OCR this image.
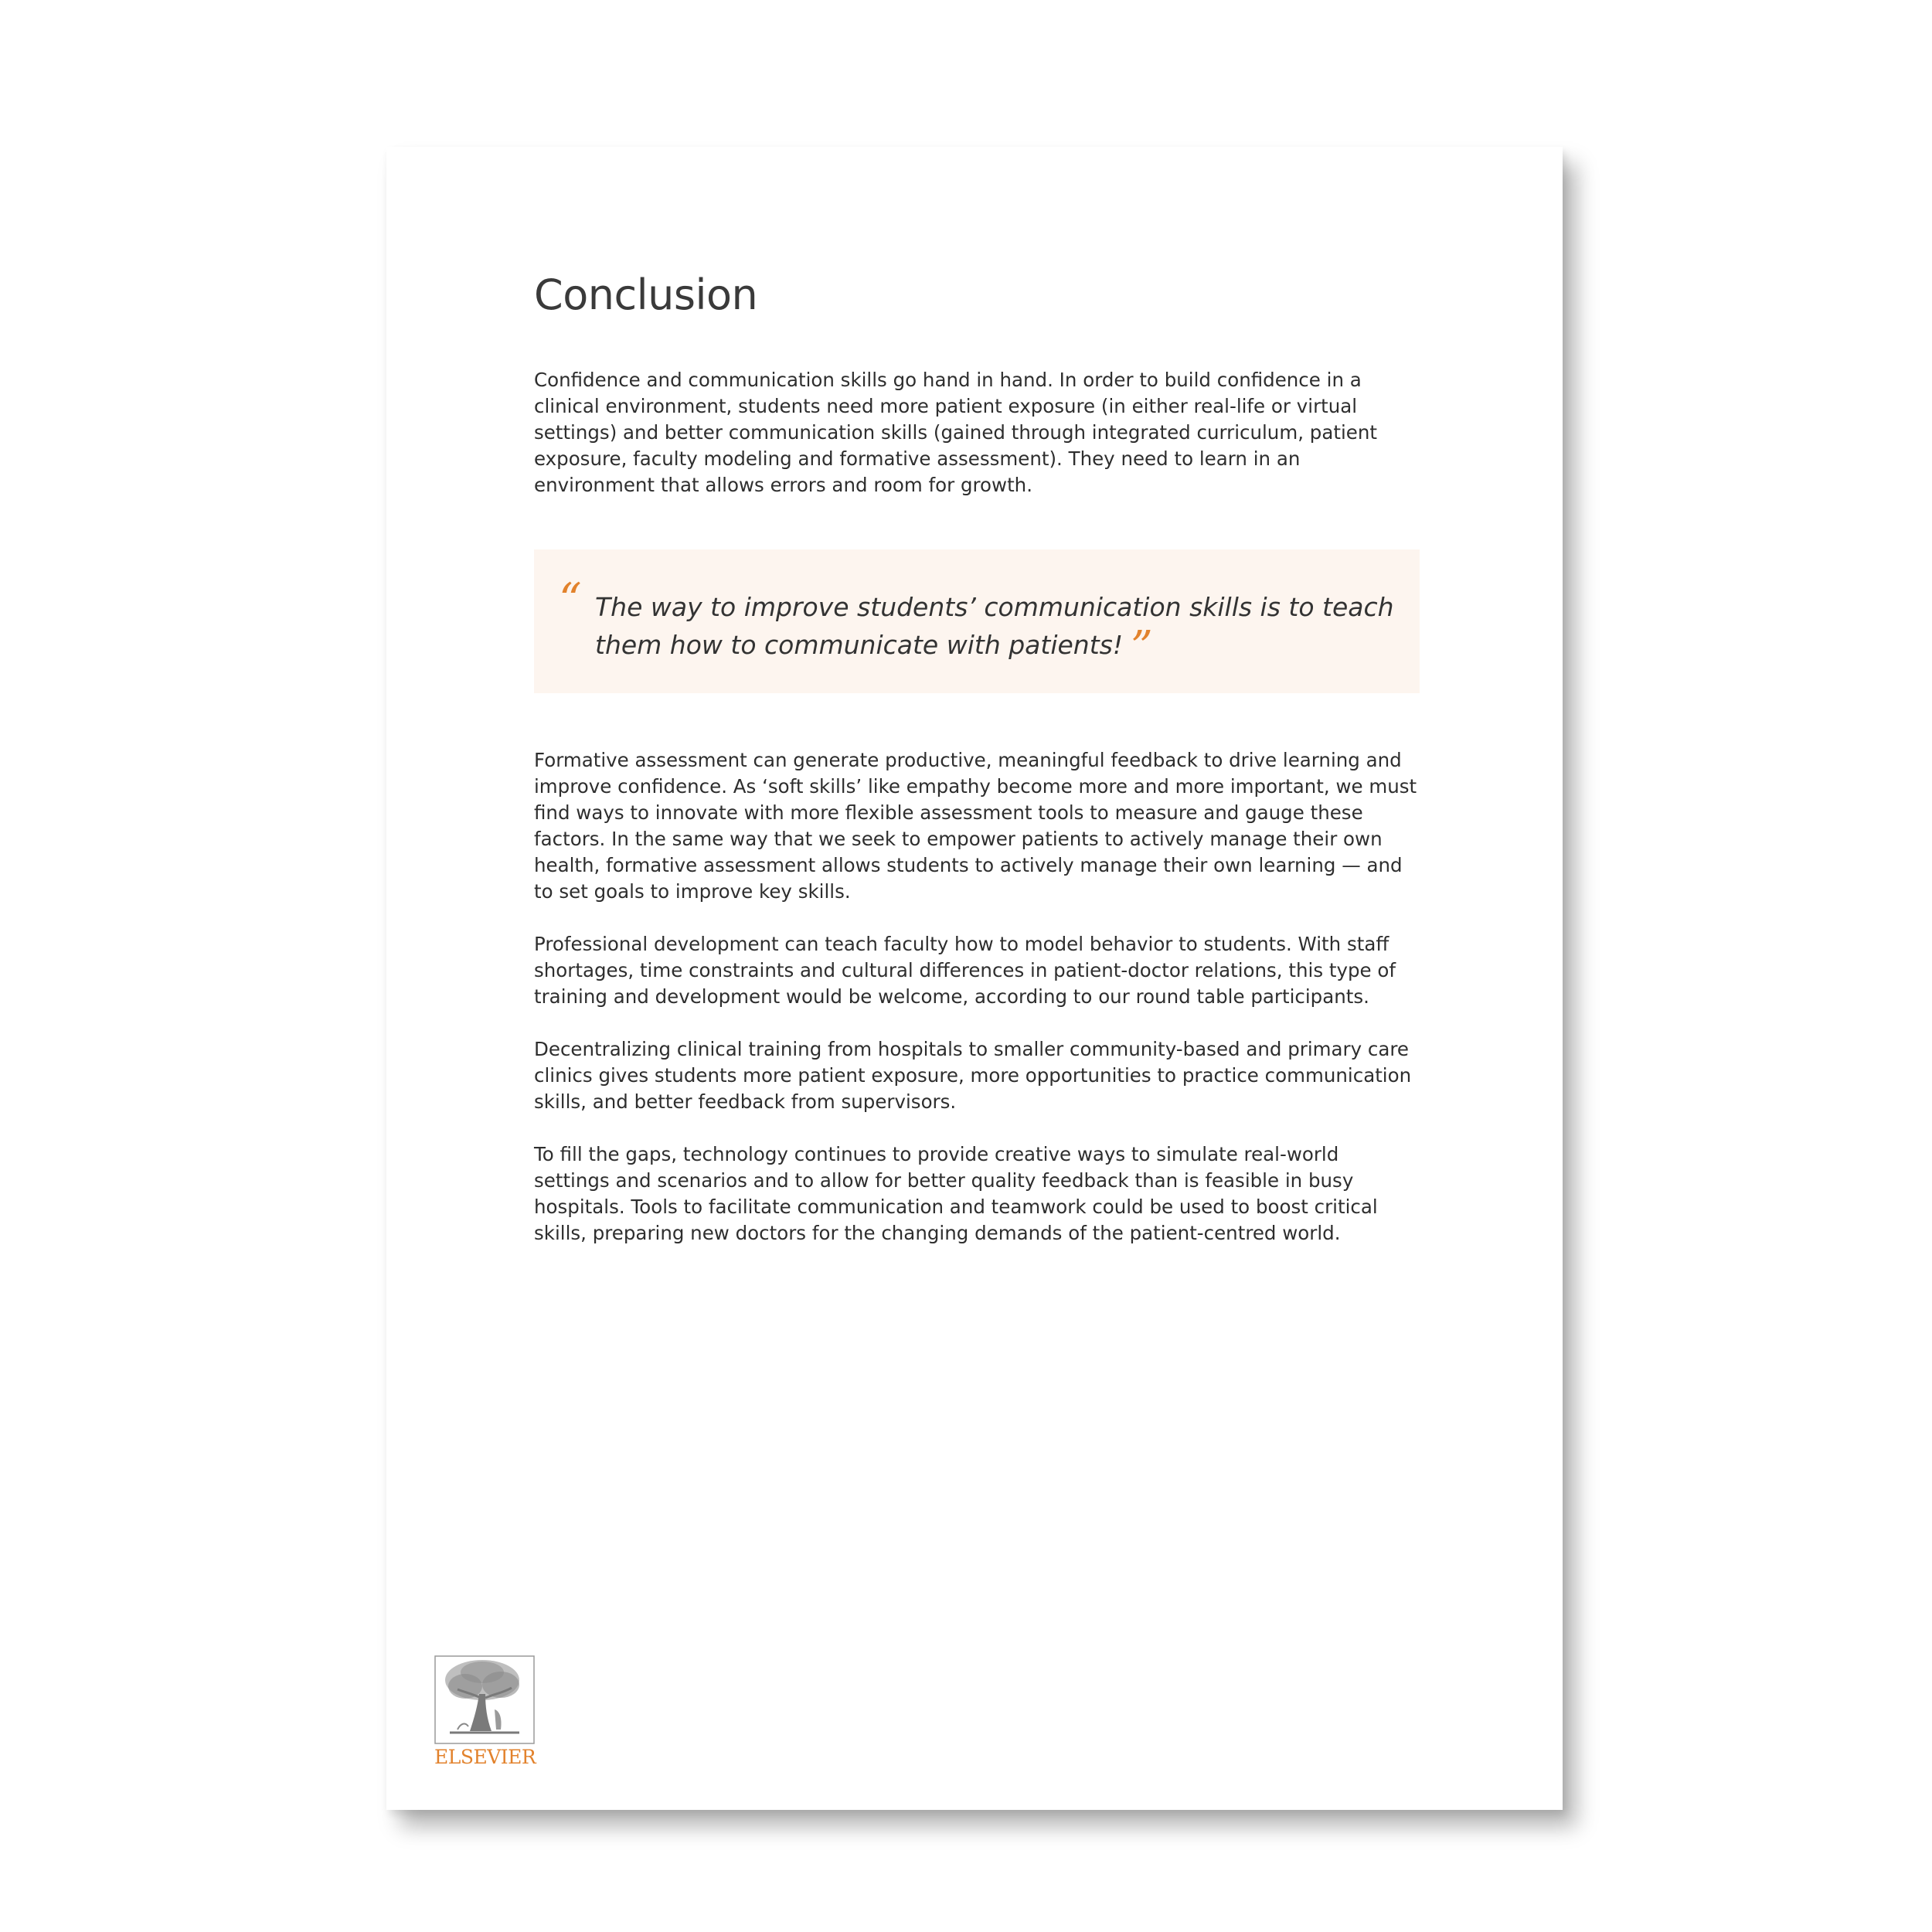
Conclusion

Confidence and communication skills go hand in hand. In order to build confidence in a clinical environment, students need more patient exposure (in either real-life or virtual settings) and better communication skills (gained through integrated curriculum, patient exposure, faculty modeling and formative assessment). They need to learn in an environment that allows errors and room for growth.

“ The way to improve students’ communication skills is to teach them how to communicate with patients! ”

Formative assessment can generate productive, meaningful feedback to drive learning and improve confidence. As ‘soft skills’ like empathy become more and more important, we must find ways to innovate with more flexible assessment tools to measure and gauge these factors. In the same way that we seek to empower patients to actively manage their own health, formative assessment allows students to actively manage their own learning — and to set goals to improve key skills.

Professional development can teach faculty how to model behavior to students. With staff shortages, time constraints and cultural differences in patient-doctor relations, this type of training and development would be welcome, according to our round table participants.

Decentralizing clinical training from hospitals to smaller community-based and primary care clinics gives students more patient exposure, more opportunities to practice communication skills, and better feedback from supervisors.

To fill the gaps, technology continues to provide creative ways to simulate real-world settings and scenarios and to allow for better quality feedback than is feasible in busy hospitals. Tools to facilitate communication and teamwork could be used to boost critical skills, preparing new doctors for the changing demands of the patient-centred world.

ELSEVIER
